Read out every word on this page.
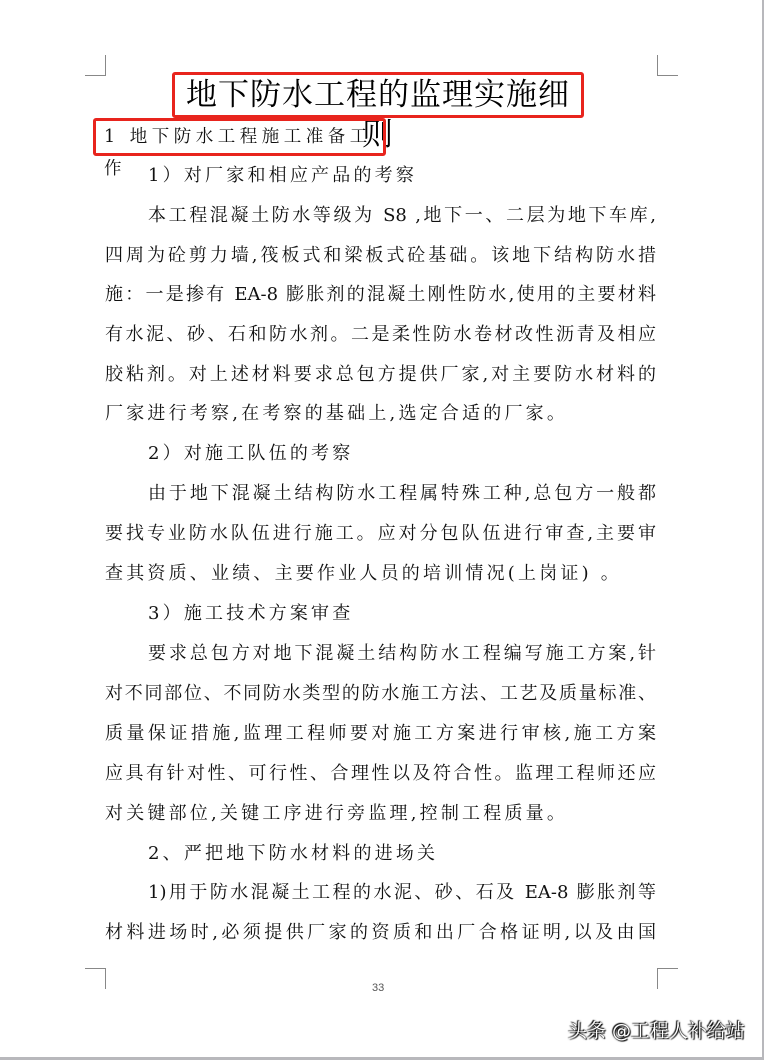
地下防水工程的监理实施细则
1 地下防水工程施工准备工作	1）对厂家和相应产品的考察
本工程混凝土防水等级为 S8 ,地下一、二层为地下车库,
四周为砼剪力墙,筏板式和梁板式砼基础。该地下结构防水措
施：一是掺有 EA-8 膨胀剂的混凝土刚性防水,使用的主要材料
有水泥、砂、石和防水剂。二是柔性防水卷材改性沥青及相应
胶粘剂。对上述材料要求总包方提供厂家,对主要防水材料的
厂家进行考察,在考察的基础上,选定合适的厂家。
2）对施工队伍的考察
由于地下混凝土结构防水工程属特殊工种,总包方一般都
要找专业防水队伍进行施工。应对分包队伍进行审查,主要审
查其资质、业绩、主要作业人员的培训情况(上岗证) 。
3）施工技术方案审查
要求总包方对地下混凝土结构防水工程编写施工方案,针
对不同部位、不同防水类型的防水施工方法、工艺及质量标准、
质量保证措施,监理工程师要对施工方案进行审核,施工方案
应具有针对性、可行性、合理性以及符合性。监理工程师还应
对关键部位,关键工序进行旁监理,控制工程质量。
2、严把地下防水材料的进场关
1)用于防水混凝土工程的水泥、砂、石及 EA-8 膨胀剂等
材料进场时,必须提供厂家的资质和出厂合格证明,以及由国
33
头条 @工程人补给站
